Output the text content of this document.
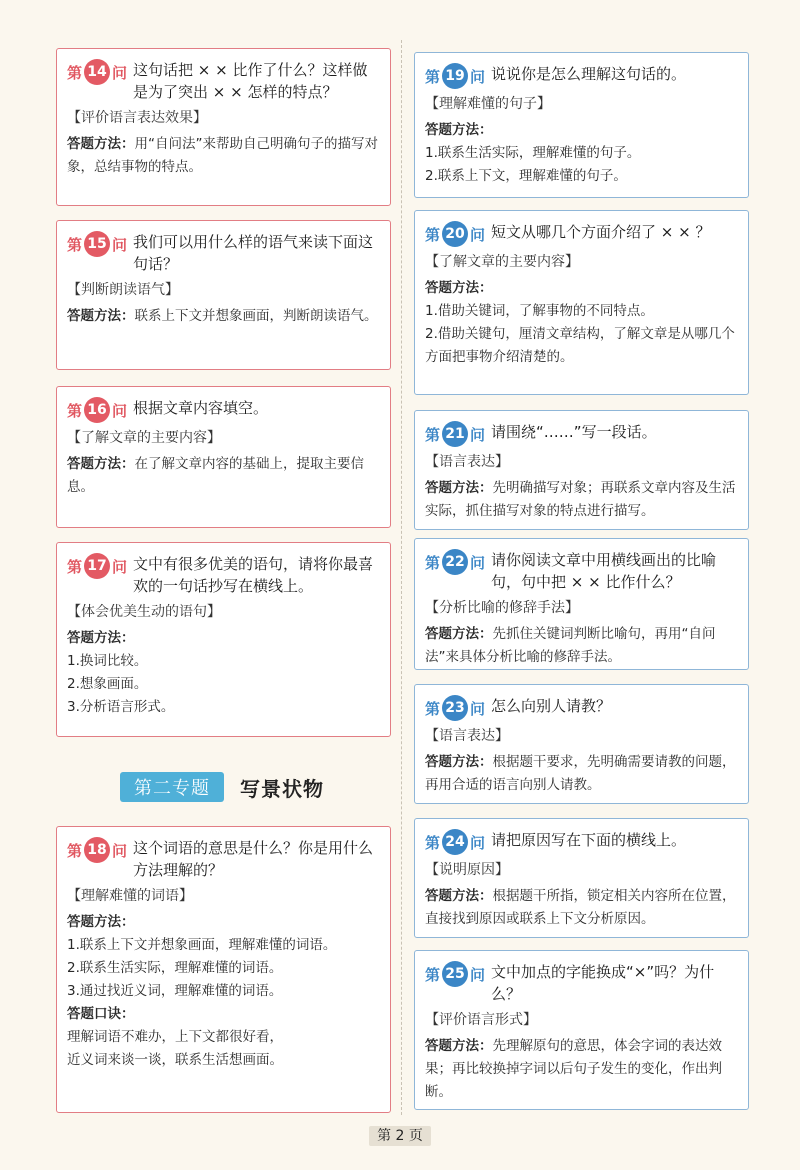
第 14 问 这句话把 × × 比作了什么？这样做是为了突出 × × 怎样的特点？
【评价语言表达效果】
答题方法：用“自问法”来帮助自己明确句子的描写对象，总结事物的特点。
第 15 问 我们可以用什么样的语气来读下面这句话？
【判断朗读语气】
答题方法：联系上下文并想象画面，判断朗读语气。
第 16 问 根据文章内容填空。
【了解文章的主要内容】
答题方法：在了解文章内容的基础上，提取主要信息。
第 17 问 文中有很多优美的语句，请将你最喜欢的一句话抄写在横线上。
【体会优美生动的语句】
答题方法：
1.换词比较。
2.想象画面。
3.分析语言形式。
第 18 问 这个词语的意思是什么？你是用什么方法理解的？
【理解难懂的词语】
答题方法：
1.联系上下文并想象画面，理解难懂的词语。
2.联系生活实际，理解难懂的词语。
3.通过找近义词，理解难懂的词语。
答题口诀：
理解词语不难办，上下文都很好看，
近义词来谈一谈，联系生活想画面。
第二专题	写景状物
第 19 问 说说你是怎么理解这句话的。
【理解难懂的句子】
答题方法：
1.联系生活实际，理解难懂的句子。
2.联系上下文，理解难懂的句子。
第 20 问 短文从哪几个方面介绍了 × × ？
【了解文章的主要内容】
答题方法：
1.借助关键词，了解事物的不同特点。
2.借助关键句，厘清文章结构，了解文章是从哪几个方面把事物介绍清楚的。
第 21 问 请围绕“……”写一段话。
【语言表达】
答题方法：先明确描写对象；再联系文章内容及生活实际，抓住描写对象的特点进行描写。
第 22 问 请你阅读文章中用横线画出的比喻句，句中把 × × 比作什么？
【分析比喻的修辞手法】
答题方法：先抓住关键词判断比喻句，再用“自问法”来具体分析比喻的修辞手法。
第 23 问 怎么向别人请教？
【语言表达】
答题方法：根据题干要求，先明确需要请教的问题，再用合适的语言向别人请教。
第 24 问 请把原因写在下面的横线上。
【说明原因】
答题方法：根据题干所指，锁定相关内容所在位置，直接找到原因或联系上下文分析原因。
第 25 问 文中加点的字能换成“×”吗？为什么？
【评价语言形式】
答题方法：先理解原句的意思，体会字词的表达效果；再比较换掉字词以后句子发生的变化，作出判断。
第 2 页
